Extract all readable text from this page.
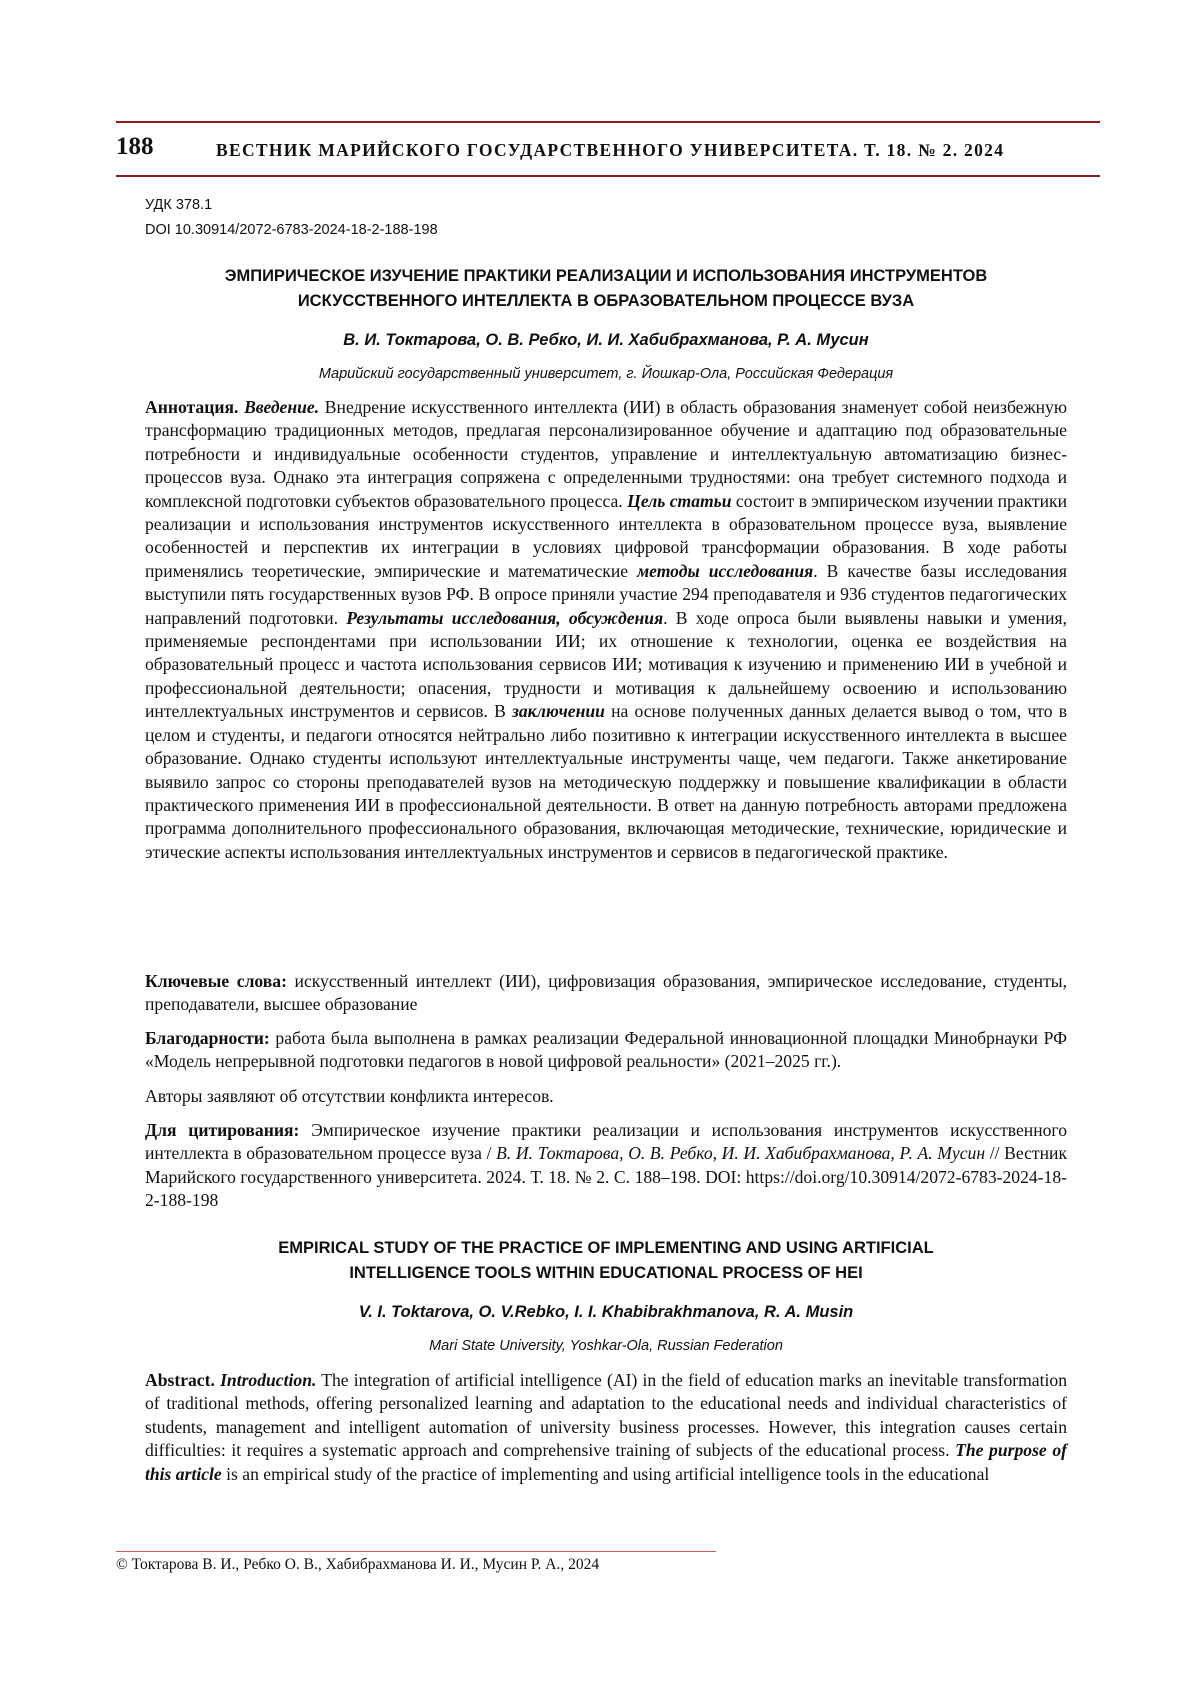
188	ВЕСТНИК МАРИЙСКОГО ГОСУДАРСТВЕННОГО УНИВЕРСИТЕТА. Т. 18. № 2. 2024
УДК 378.1
DOI 10.30914/2072-6783-2024-18-2-188-198
ЭМПИРИЧЕСКОЕ ИЗУЧЕНИЕ ПРАКТИКИ РЕАЛИЗАЦИИ И ИСПОЛЬЗОВАНИЯ ИНСТРУМЕНТОВ
ИСКУССТВЕННОГО ИНТЕЛЛЕКТА В ОБРАЗОВАТЕЛЬНОМ ПРОЦЕССЕ ВУЗА
В. И. Токтарова, О. В. Ребко, И. И. Хабибрахманова, Р. А. Мусин
Марийский государственный университет, г. Йошкар-Ола, Российская Федерация

Аннотация. Введение. Внедрение искусственного интеллекта (ИИ) в область образования знаменует собой неизбежную трансформацию традиционных методов, предлагая персонализированное обучение и адаптацию под образовательные потребности и индивидуальные особенности студентов, управление и интеллектуальную автоматизацию бизнес-процессов вуза. Однако эта интеграция сопряжена с определенными трудностями: она требует системного подхода и комплексной подготовки субъектов образовательного процесса. Цель статьи состоит в эмпирическом изучении практики реализации и использования инструментов искусственного интеллекта в образовательном процессе вуза, выявление особенностей и перспектив их интеграции в условиях цифровой трансформации образования. В ходе работы применялись теоретические, эмпирические и математические методы исследования. В качестве базы исследования выступили пять государственных вузов РФ. В опросе приняли участие 294 преподавателя и 936 студентов педагогических направлений подготовки. Результаты исследования, обсуждения. В ходе опроса были выявлены навыки и умения, применяемые респондентами при использовании ИИ; их отношение к технологии, оценка ее воздействия на образовательный процесс и частота использования сервисов ИИ; мотивация к изучению и применению ИИ в учебной и профессиональной деятельности; опасения, трудности и мотивация к дальнейшему освоению и использованию интеллектуальных инструментов и сервисов. В заключении на основе полученных данных делается вывод о том, что в целом и студенты, и педагоги относятся нейтрально либо позитивно к интеграции искусственного интеллекта в высшее образование. Однако студенты используют интеллектуальные инструменты чаще, чем педагоги. Также анкетирование выявило запрос со стороны преподавателей вузов на методическую поддержку и повышение квалификации в области практического применения ИИ в профессиональной деятельности. В ответ на данную потребность авторами предложена программа дополнительного профессионального образования, включающая методические, технические, юридические и этические аспекты использования интеллектуальных инструментов и сервисов в педагогической практике.

Ключевые слова: искусственный интеллект (ИИ), цифровизация образования, эмпирическое исследование, студенты, преподаватели, высшее образование

Благодарности: работа была выполнена в рамках реализации Федеральной инновационной площадки Минобрнауки РФ «Модель непрерывной подготовки педагогов в новой цифровой реальности» (2021–2025 гг.).

Авторы заявляют об отсутствии конфликта интересов.

Для цитирования: Эмпирическое изучение практики реализации и использования инструментов искусственного интеллекта в образовательном процессе вуза / В. И. Токтарова, О. В. Ребко, И. И. Хабибрахманова, Р. А. Мусин // Вестник Марийского государственного университета. 2024. Т. 18. № 2. С. 188–198. DOI: https://doi.org/10.30914/2072-6783-2024-18-2-188-198

EMPIRICAL STUDY OF THE PRACTICE OF IMPLEMENTING AND USING ARTIFICIAL
INTELLIGENCE TOOLS WITHIN EDUCATIONAL PROCESS OF HEI
V. I. Toktarova, O. V.Rebko, I. I. Khabibrakhmanova, R. A. Musin
Mari State University, Yoshkar-Ola, Russian Federation

Abstract. Introduction. The integration of artificial intelligence (AI) in the field of education marks an inevitable transformation of traditional methods, offering personalized learning and adaptation to the educational needs and individual characteristics of students, management and intelligent automation of university business processes. However, this integration causes certain difficulties: it requires a systematic approach and comprehensive training of subjects of the educational process. The purpose of this article is an empirical study of the practice of implementing and using artificial intelligence tools in the educational

© Токтарова В. И., Ребко О. В., Хабибрахманова И. И., Мусин Р. А., 2024
